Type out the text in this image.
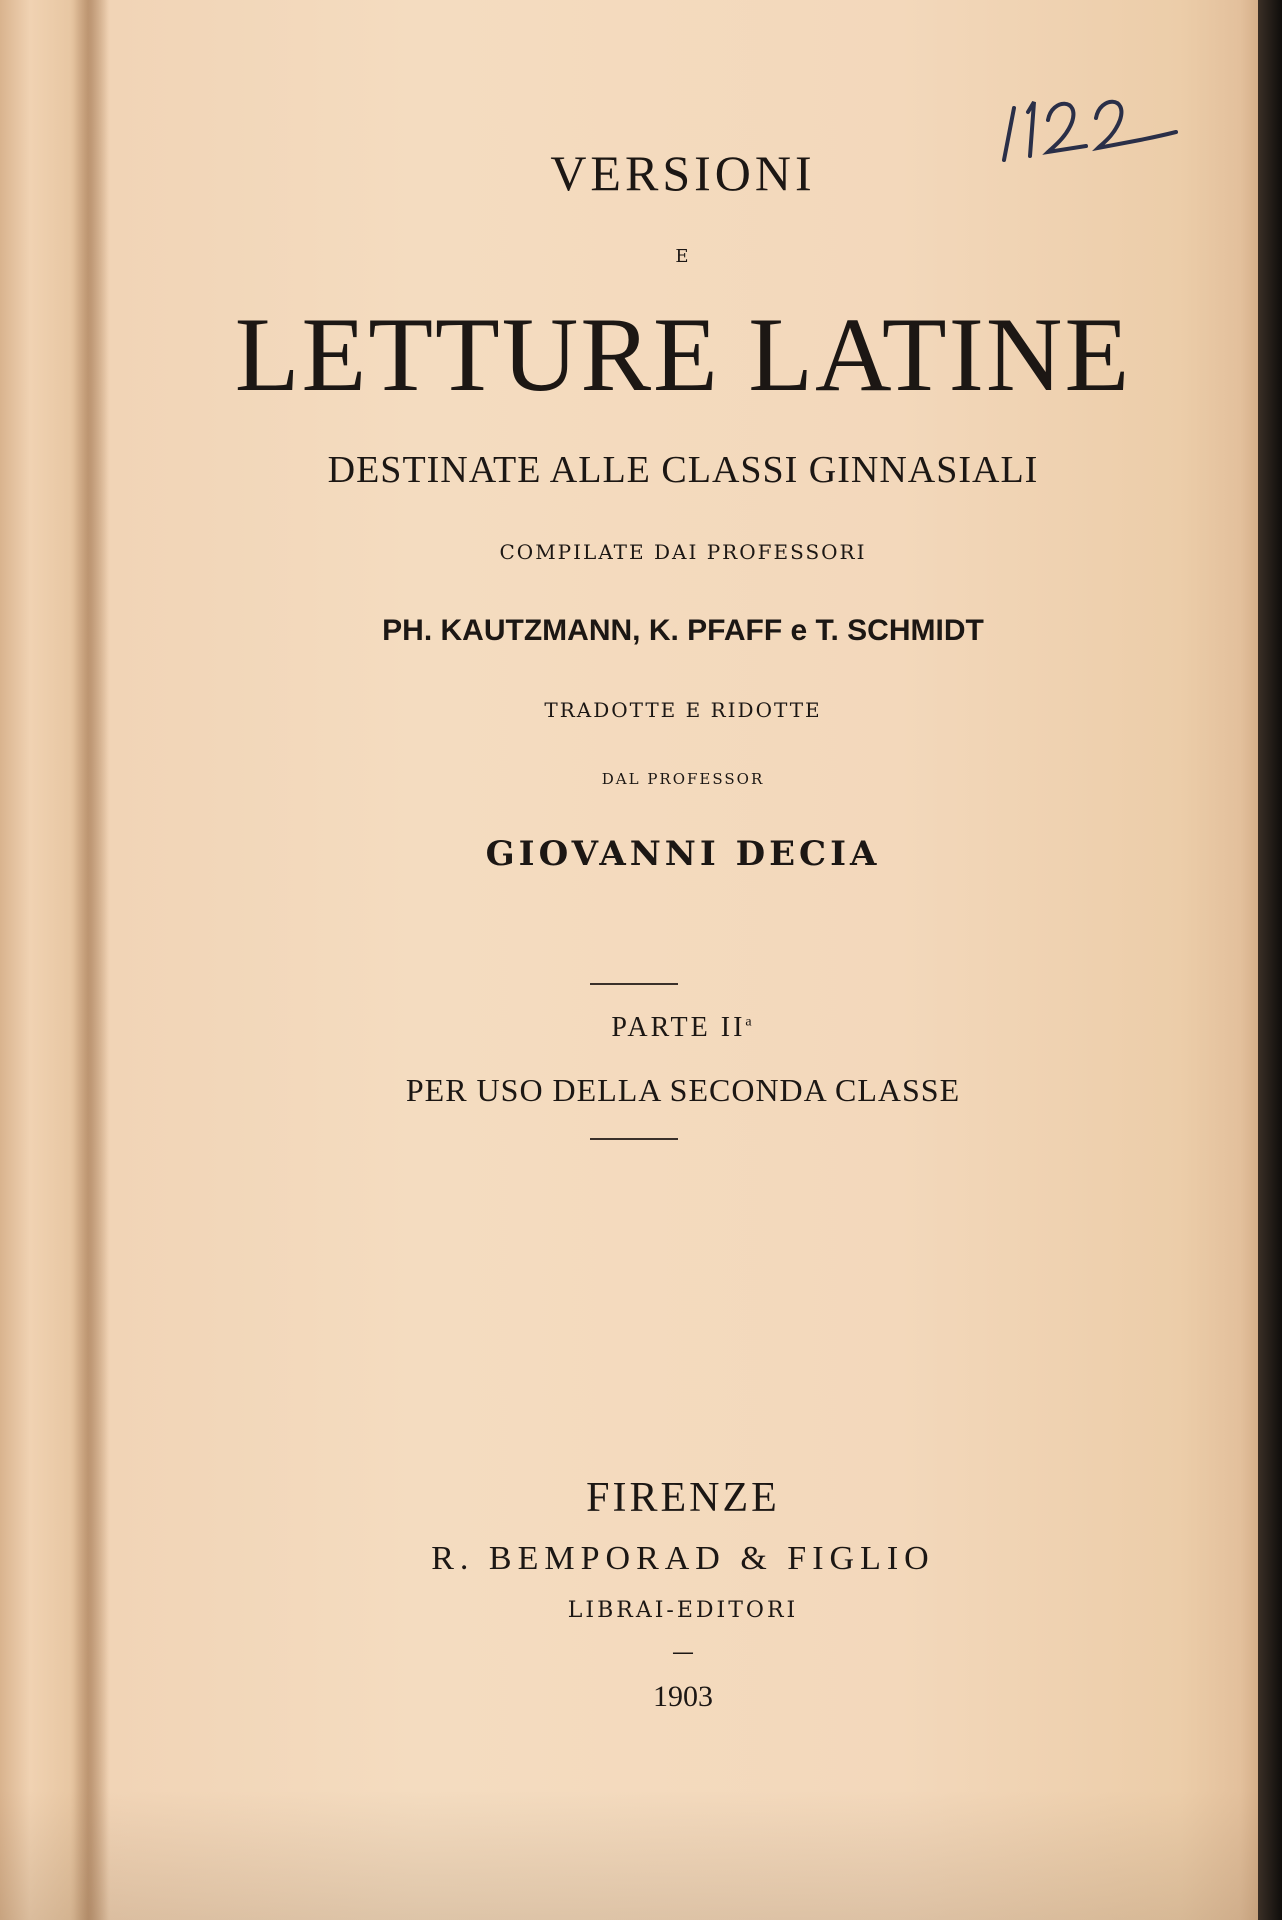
VERSIONI
E
LETTURE LATINE
DESTINATE ALLE CLASSI GINNASIALI
COMPILATE DAI PROFESSORI
PH. KAUTZMANN, K. PFAFF e T. SCHMIDT
TRADOTTE E RIDOTTE
DAL PROFESSOR
GIOVANNI DECIA
PARTE $II^a$
PER USO DELLA SECONDA CLASSE
FIRENZE
R. BEMPORAD & FIGLIO
LIBRAI-EDITORI
—
1903
